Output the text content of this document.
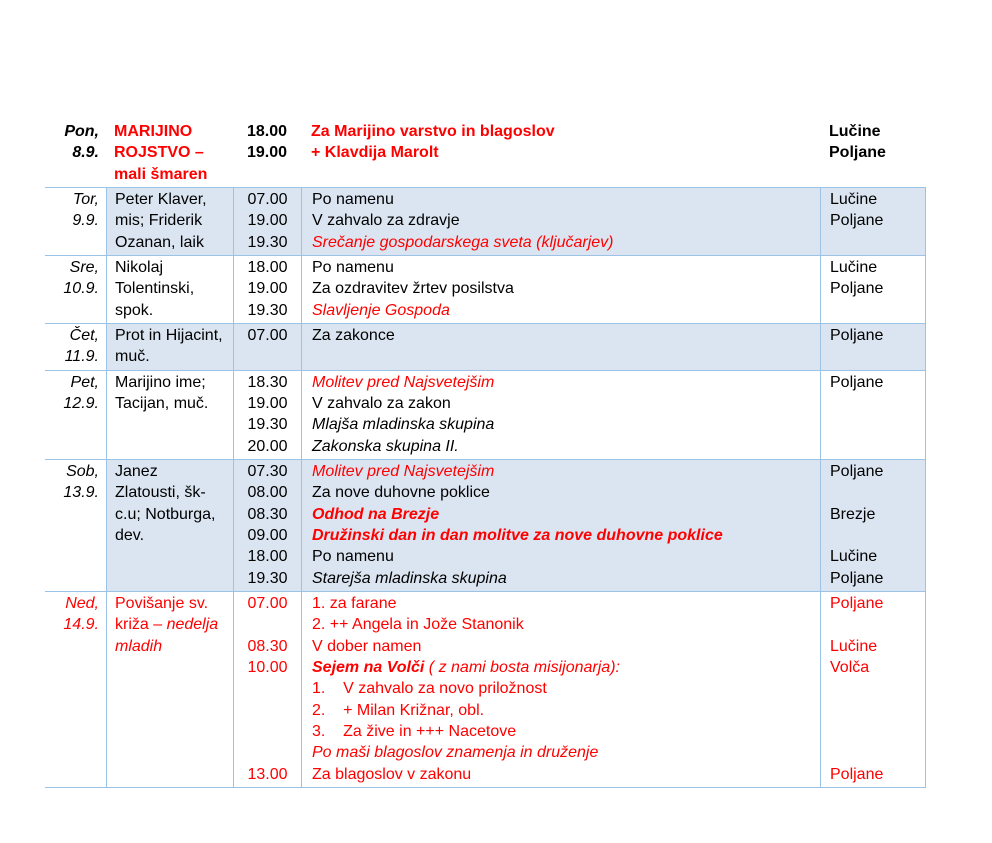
Pon,
8.9.
MARIJINO
ROJSTVO –
mali šmaren
18.00
19.00
Za Marijino varstvo in blagoslov
+ Klavdija Marolt
Lučine
Poljane
Tor,
9.9.
Peter Klaver,
mis; Friderik
Ozanan, laik
07.00
19.00
19.30
Po namenu
V zahvalo za zdravje
Srečanje gospodarskega sveta (ključarjev)
Lučine
Poljane
Sre,
10.9.
Nikolaj
Tolentinski,
spok.
18.00
19.00
19.30
Po namenu
Za ozdravitev žrtev posilstva
Slavljenje Gospoda
Lučine
Poljane
Čet,
11.9.
Prot in Hijacint,
muč.
07.00	Za zakonce	Poljane
Pet,
12.9.
Marijino ime;
Tacijan, muč.
18.30
19.00
19.30
20.00
Molitev pred Najsvetejšim
V zahvalo za zakon
Mlajša mladinska skupina
Zakonska skupina II.
Poljane
Sob,
13.9.
Janez
Zlatousti, šk-
c.u; Notburga,
dev.
07.30
08.00
08.30
09.00
18.00
19.30
Molitev pred Najsvetejšim
Za nove duhovne poklice
Odhod na Brezje
Družinski dan in dan molitve za nove duhovne poklice
Po namenu
Starejša mladinska skupina
Poljane

Brezje

Lučine
Poljane
Ned,
14.9.
Povišanje sv.
križa – nedelja
mladih
07.00

08.30
10.00

13.00
1. za farane
2. ++ Angela in Jože Stanonik
V dober namen
Sejem na Volči ( z nami bosta misijonarja):
1.    V zahvalo za novo priložnost
2.    + Milan Križnar, obl.
3.    Za žive in +++ Nacetove
Po maši blagoslov znamenja in druženje
Za blagoslov v zakonu
Poljane

Lučine
Volča

Poljane
